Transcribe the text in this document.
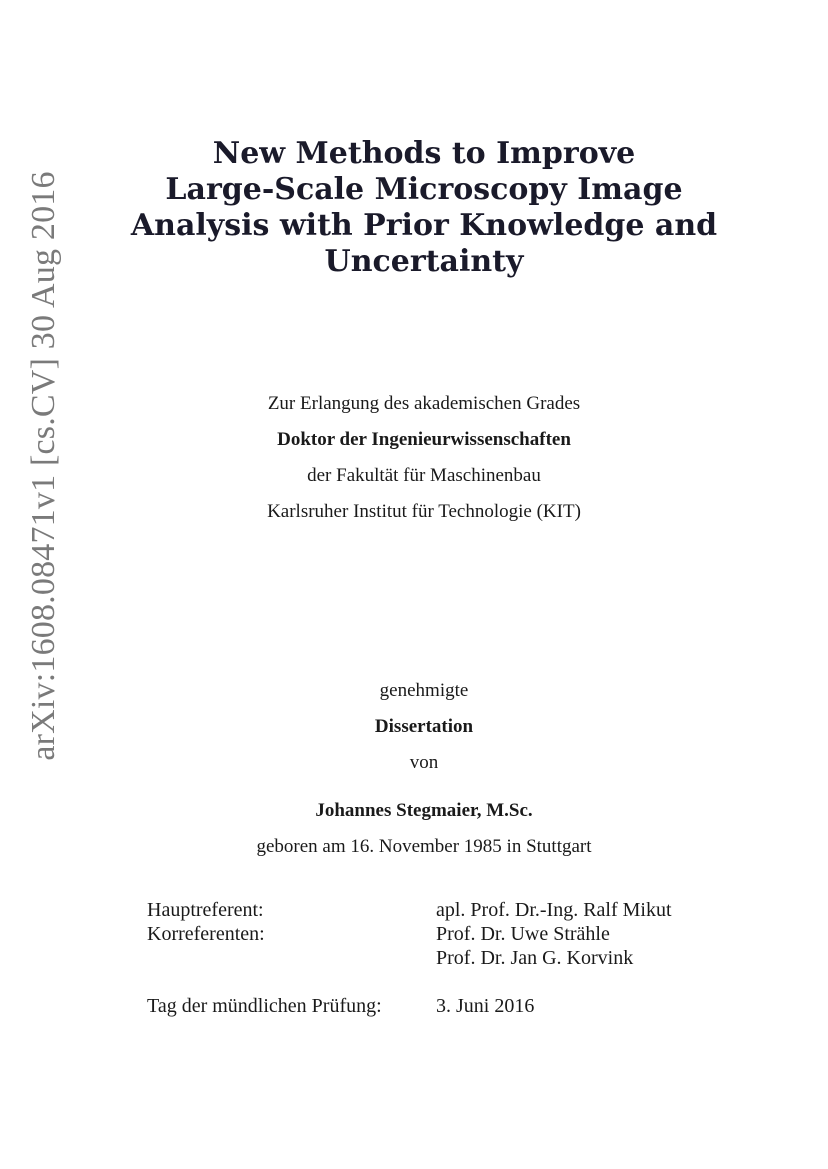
arXiv:1608.08471v1 [cs.CV] 30 Aug 2016
New Methods to Improve
Large-Scale Microscopy Image
Analysis with Prior Knowledge and
Uncertainty
Zur Erlangung des akademischen Grades
Doktor der Ingenieurwissenschaften
der Fakultät für Maschinenbau
Karlsruher Institut für Technologie (KIT)
genehmigte
Dissertation
von
Johannes Stegmaier, M.Sc.
geboren am 16. November 1985 in Stuttgart
Hauptreferent:	apl. Prof. Dr.-Ing. Ralf Mikut
Korreferenten:	Prof. Dr. Uwe Strähle
Prof. Dr. Jan G. Korvink
Tag der mündlichen Prüfung:	3. Juni 2016
